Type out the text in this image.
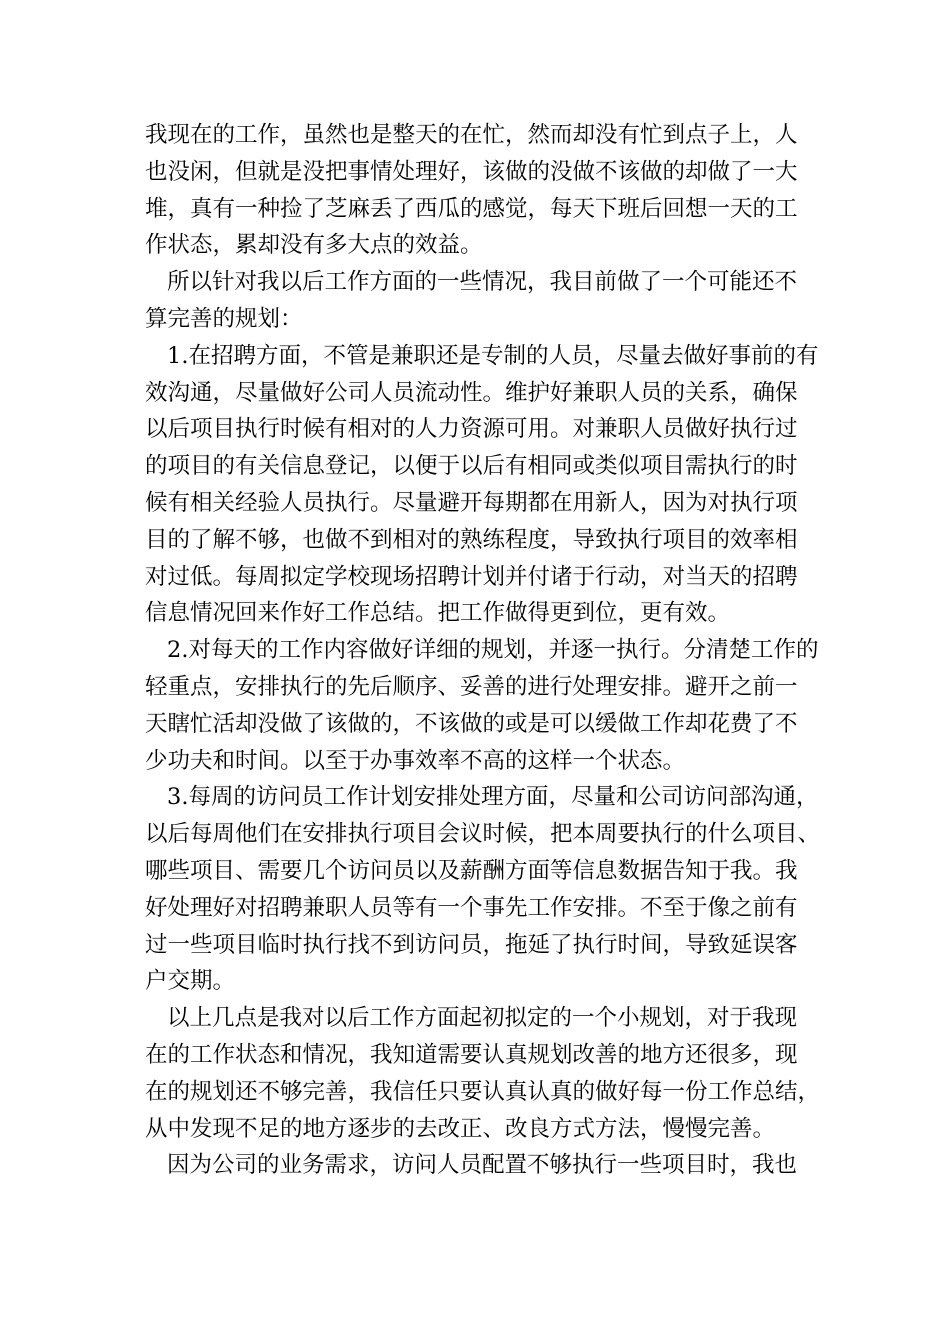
我现在的工作，虽然也是整天的在忙，然而却没有忙到点子上，人
也没闲，但就是没把事情处理好，该做的没做不该做的却做了一大
堆，真有一种捡了芝麻丢了西瓜的感觉，每天下班后回想一天的工
作状态，累却没有多大点的效益。

所以针对我以后工作方面的一些情况，我目前做了一个可能还不
算完善的规划：

1.在招聘方面，不管是兼职还是专制的人员，尽量去做好事前的有
效沟通，尽量做好公司人员流动性。维护好兼职人员的关系，确保
以后项目执行时候有相对的人力资源可用。对兼职人员做好执行过
的项目的有关信息登记，以便于以后有相同或类似项目需执行的时
候有相关经验人员执行。尽量避开每期都在用新人，因为对执行项
目的了解不够，也做不到相对的熟练程度，导致执行项目的效率相
对过低。每周拟定学校现场招聘计划并付诸于行动，对当天的招聘
信息情况回来作好工作总结。把工作做得更到位，更有效。

2.对每天的工作内容做好详细的规划，并逐一执行。分清楚工作的
轻重点，安排执行的先后顺序、妥善的进行处理安排。避开之前一
天瞎忙活却没做了该做的，不该做的或是可以缓做工作却花费了不
少功夫和时间。以至于办事效率不高的这样一个状态。

3.每周的访问员工作计划安排处理方面，尽量和公司访问部沟通，
以后每周他们在安排执行项目会议时候，把本周要执行的什么项目、
哪些项目、需要几个访问员以及薪酬方面等信息数据告知于我。我
好处理好对招聘兼职人员等有一个事先工作安排。不至于像之前有
过一些项目临时执行找不到访问员，拖延了执行时间，导致延误客
户交期。

以上几点是我对以后工作方面起初拟定的一个小规划，对于我现
在的工作状态和情况，我知道需要认真规划改善的地方还很多，现
在的规划还不够完善，我信任只要认真认真的做好每一份工作总结，
从中发现不足的地方逐步的去改正、改良方式方法，慢慢完善。

因为公司的业务需求，访问人员配置不够执行一些项目时，我也
